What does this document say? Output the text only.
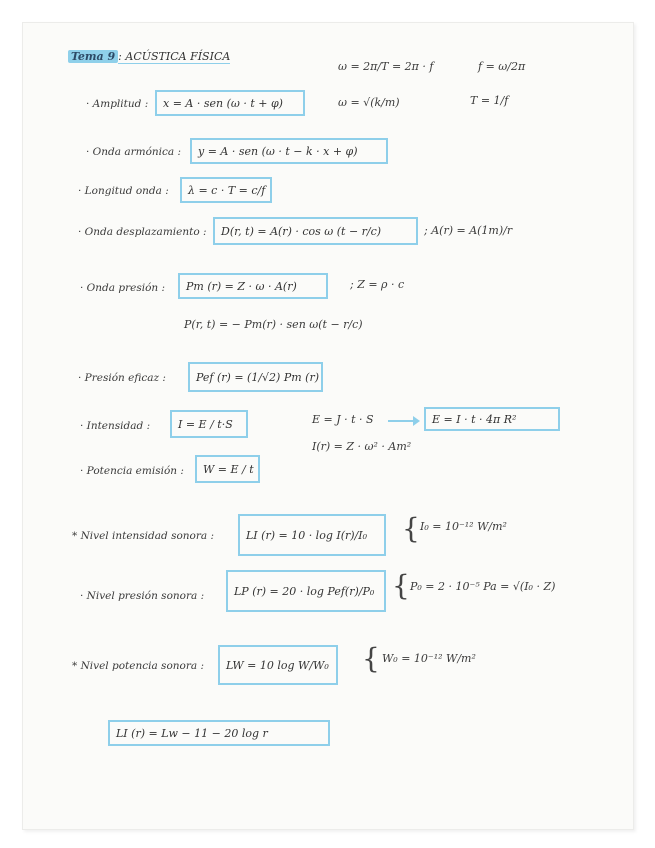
Tema 9 : ACÚSTICA FÍSICA
ω = 2π/T = 2π · f	f = ω/2π
ω = √(k/m)	T = 1/f
· Amplitud :	x = A · sen (ω · t + φ)
· Onda armónica :	y = A · sen (ω · t − k · x + φ)
· Longitud onda :	λ = c · T = c/f
· Onda desplazamiento :	D(r, t) = A(r) · cos ω (t − r/c)	; A(r) = A(1m)/r
· Onda presión :	Pm (r) = Z · ω · A(r)	; Z = ρ · c
P(r, t) = − Pm(r) · sen ω(t − r/c)
· Presión eficaz :	Pef (r) = (1/√2) Pm (r)
· Intensidad :	I = E / t·S	E = J · t · S	E = I · t · 4π R²
I(r) = Z · ω² · Am²
· Potencia emisión :	W = E / t
* Nivel intensidad sonora :	LI (r) = 10 · log I(r)/I₀	{ I₀ = 10⁻¹² W/m²
· Nivel presión sonora :	LP (r) = 20 · log Pef(r)/P₀ { P₀ = 2 · 10⁻⁵ Pa = √(I₀ · Z)
* Nivel potencia sonora :	LW = 10 log W/W₀	{ W₀ = 10⁻¹² W/m²
LI (r) = Lw − 11 − 20 log r
